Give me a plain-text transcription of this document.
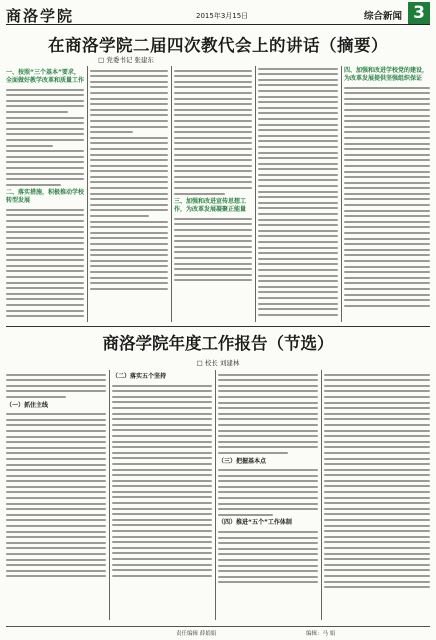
商洛学院	2015年3月15日	综合新闻 3
在商洛学院二届四次教代会上的讲话（摘要）
□ 党委书记 张建东
一、按照“三个基本”要求，全面做好教学改革和质量工作
二、落实措施，积极推动学校转型发展	三、加强和改进宣传思想工作，为改革发展凝聚正能量
四、加强和改进学校党的建设，为改革发展提供坚强组织保证
商洛学院年度工作报告（节选）
□ 校长 刘建林
（一）抓住主线
（二）落实五个坚持
（三）把握基本点
（四）推进“五个”工作体制
责任编辑 薛娟娟	编辑：马 娟
